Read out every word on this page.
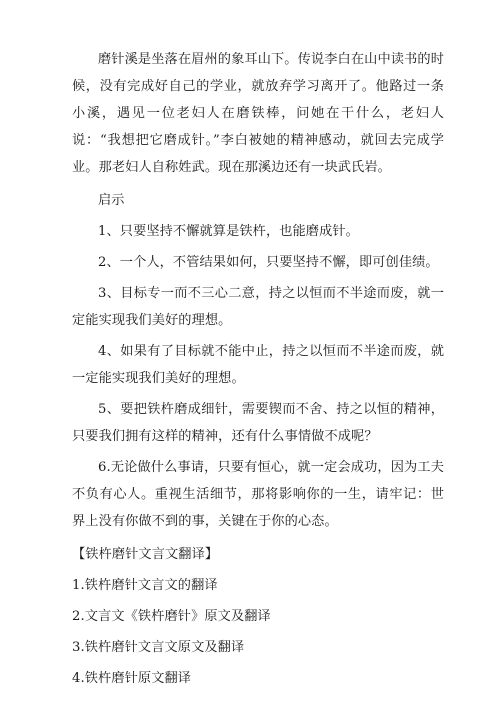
磨针溪是坐落在眉州的象耳山下。传说李白在山中读书的时候，没有完成好自己的学业，就放弃学习离开了。他路过一条小溪，遇见一位老妇人在磨铁棒，问她在干什么，老妇人说：“我想把它磨成针。”李白被她的精神感动，就回去完成学业。那老妇人自称姓武。现在那溪边还有一块武氏岩。

启示

1、只要坚持不懈就算是铁杵，也能磨成针。

2、一个人，不管结果如何，只要坚持不懈，即可创佳绩。

3、目标专一而不三心二意，持之以恒而不半途而废，就一定能实现我们美好的理想。

4、如果有了目标就不能中止，持之以恒而不半途而废，就一定能实现我们美好的理想。

5、要把铁杵磨成细针，需要锲而不舍、持之以恒的精神，只要我们拥有这样的精神，还有什么事情做不成呢？

6.无论做什么事请，只要有恒心，就一定会成功，因为工夫不负有心人。重视生活细节，那将影响你的一生，请牢记：世界上没有你做不到的事，关键在于你的心态。

【铁杵磨针文言文翻译】

1.铁杵磨针文言文的翻译

2.文言文《铁杵磨针》原文及翻译

3.铁杵磨针文言文原文及翻译

4.铁杵磨针原文翻译
